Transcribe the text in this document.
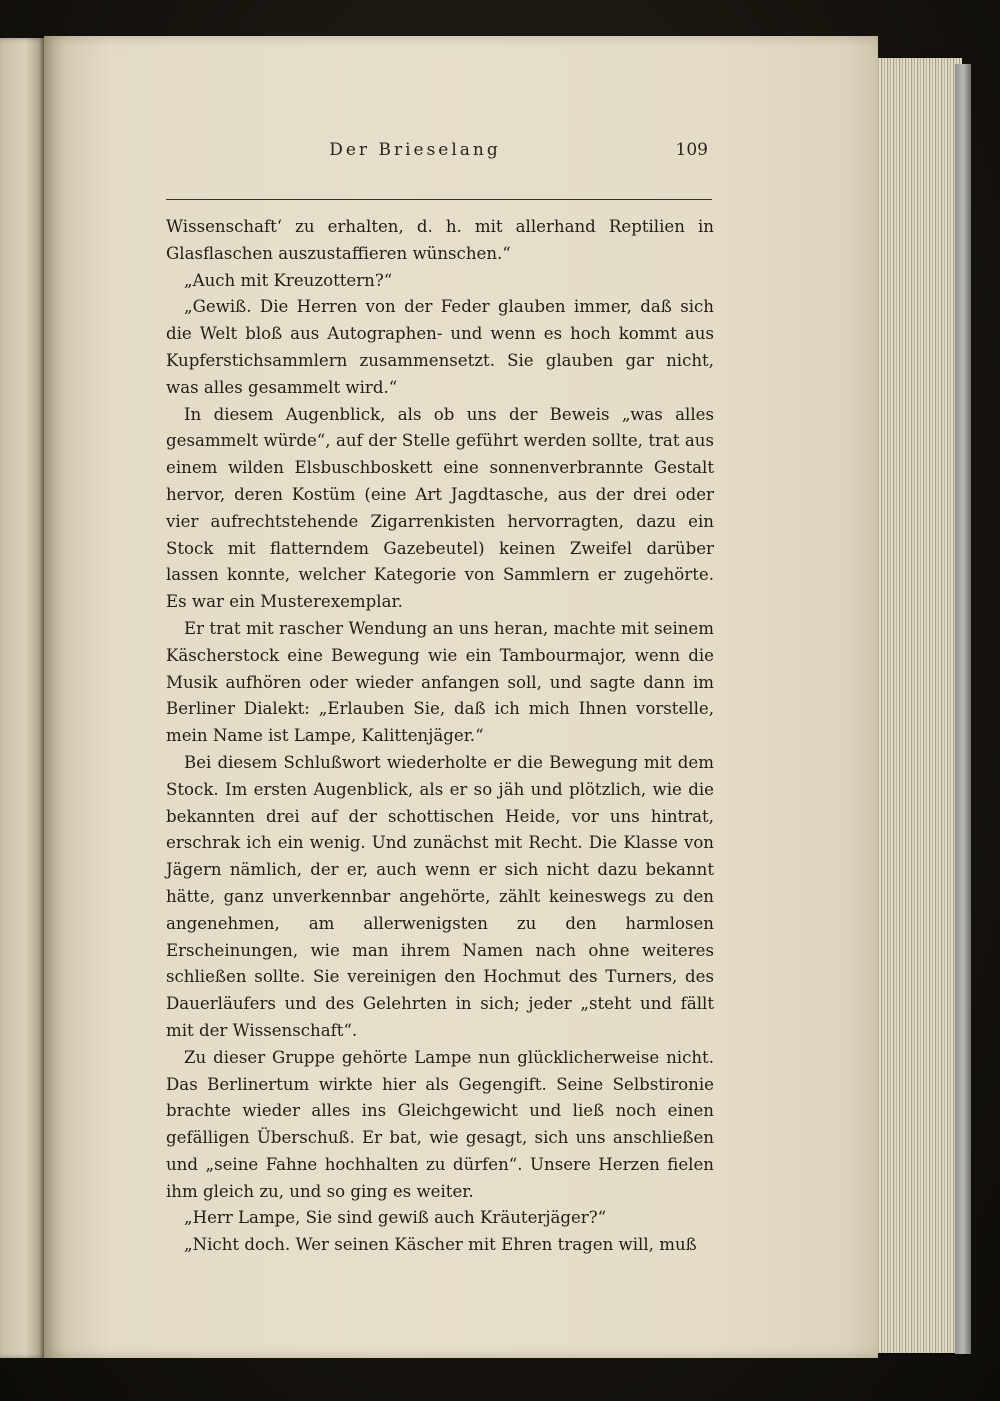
Der Brieselang	109

Wissenschaft‘ zu erhalten, d. h. mit allerhand Reptilien in Glasflaschen auszustaffieren wünschen.“

„Auch mit Kreuzottern?“

„Gewiß. Die Herren von der Feder glauben immer, daß sich die Welt bloß aus Autographen- und wenn es hoch kommt aus Kupferstichsammlern zusammensetzt. Sie glauben gar nicht, was alles gesammelt wird.“

In diesem Augenblick, als ob uns der Beweis „was alles gesammelt würde“, auf der Stelle geführt werden sollte, trat aus einem wilden Elsbuschboskett eine sonnenverbrannte Gestalt hervor, deren Kostüm (eine Art Jagdtasche, aus der drei oder vier aufrechtstehende Zigarrenkisten hervorragten, dazu ein Stock mit flatterndem Gazebeutel) keinen Zweifel darüber lassen konnte, welcher Kategorie von Sammlern er zugehörte. Es war ein Musterexemplar.

Er trat mit rascher Wendung an uns heran, machte mit seinem Käscherstock eine Bewegung wie ein Tambourmajor, wenn die Musik aufhören oder wieder anfangen soll, und sagte dann im Berliner Dialekt: „Erlauben Sie, daß ich mich Ihnen vorstelle, mein Name ist Lampe, Kalittenjäger.“

Bei diesem Schlußwort wiederholte er die Bewegung mit dem Stock. Im ersten Augenblick, als er so jäh und plötzlich, wie die bekannten drei auf der schottischen Heide, vor uns hintrat, erschrak ich ein wenig. Und zunächst mit Recht. Die Klasse von Jägern nämlich, der er, auch wenn er sich nicht dazu bekannt hätte, ganz unverkennbar angehörte, zählt keineswegs zu den angenehmen, am allerwenigsten zu den harmlosen Erscheinungen, wie man ihrem Namen nach ohne weiteres schließen sollte. Sie vereinigen den Hochmut des Turners, des Dauerläufers und des Gelehrten in sich; jeder „steht und fällt mit der Wissenschaft“.

Zu dieser Gruppe gehörte Lampe nun glücklicherweise nicht. Das Berlinertum wirkte hier als Gegengift. Seine Selbstironie brachte wieder alles ins Gleichgewicht und ließ noch einen gefälligen Überschuß. Er bat, wie gesagt, sich uns anschließen und „seine Fahne hochhalten zu dürfen“. Unsere Herzen fielen ihm gleich zu, und so ging es weiter.

„Herr Lampe, Sie sind gewiß auch Kräuterjäger?“

„Nicht doch. Wer seinen Käscher mit Ehren tragen will, muß
